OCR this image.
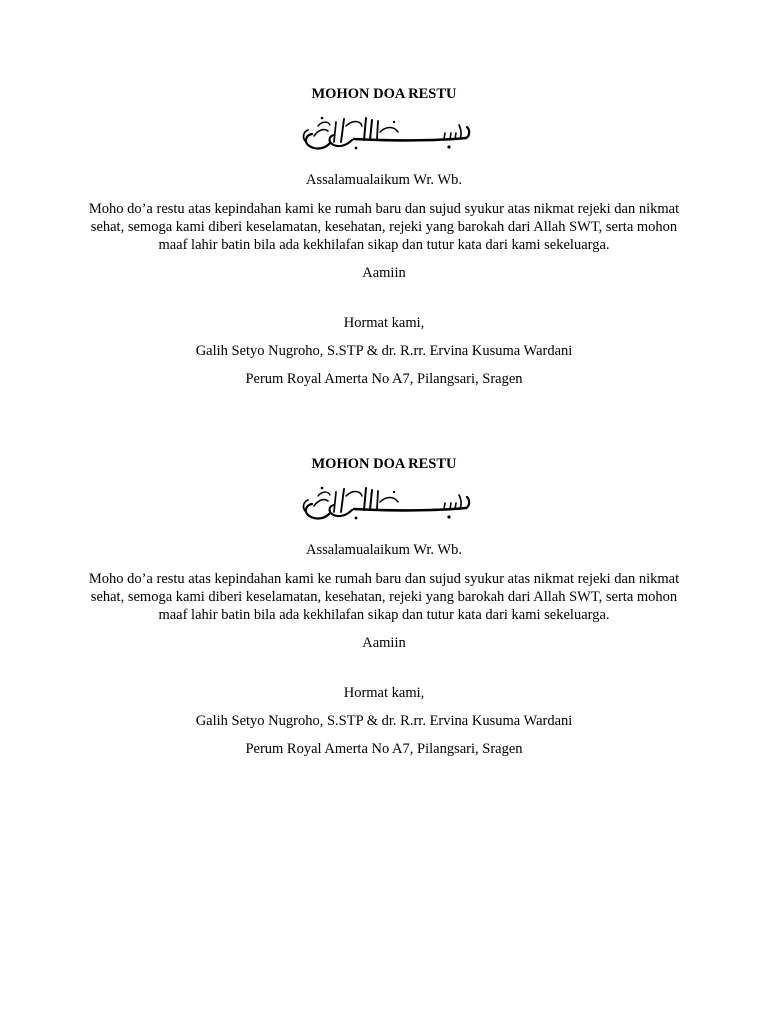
MOHON DOA RESTU
Assalamualaikum Wr. Wb.
Moho do’a restu atas kepindahan kami ke rumah baru dan sujud syukur atas nikmat rejeki dan nikmat sehat, semoga kami diberi keselamatan, kesehatan, rejeki yang barokah dari Allah SWT, serta mohon maaf lahir batin bila ada kekhilafan sikap dan tutur kata dari kami sekeluarga.
Aamiin
Hormat kami,
Galih Setyo Nugroho, S.STP & dr. R.rr. Ervina Kusuma Wardani
Perum Royal Amerta No A7, Pilangsari, Sragen
MOHON DOA RESTU
Assalamualaikum Wr. Wb.
Moho do’a restu atas kepindahan kami ke rumah baru dan sujud syukur atas nikmat rejeki dan nikmat sehat, semoga kami diberi keselamatan, kesehatan, rejeki yang barokah dari Allah SWT, serta mohon maaf lahir batin bila ada kekhilafan sikap dan tutur kata dari kami sekeluarga.
Aamiin
Hormat kami,
Galih Setyo Nugroho, S.STP & dr. R.rr. Ervina Kusuma Wardani
Perum Royal Amerta No A7, Pilangsari, Sragen
